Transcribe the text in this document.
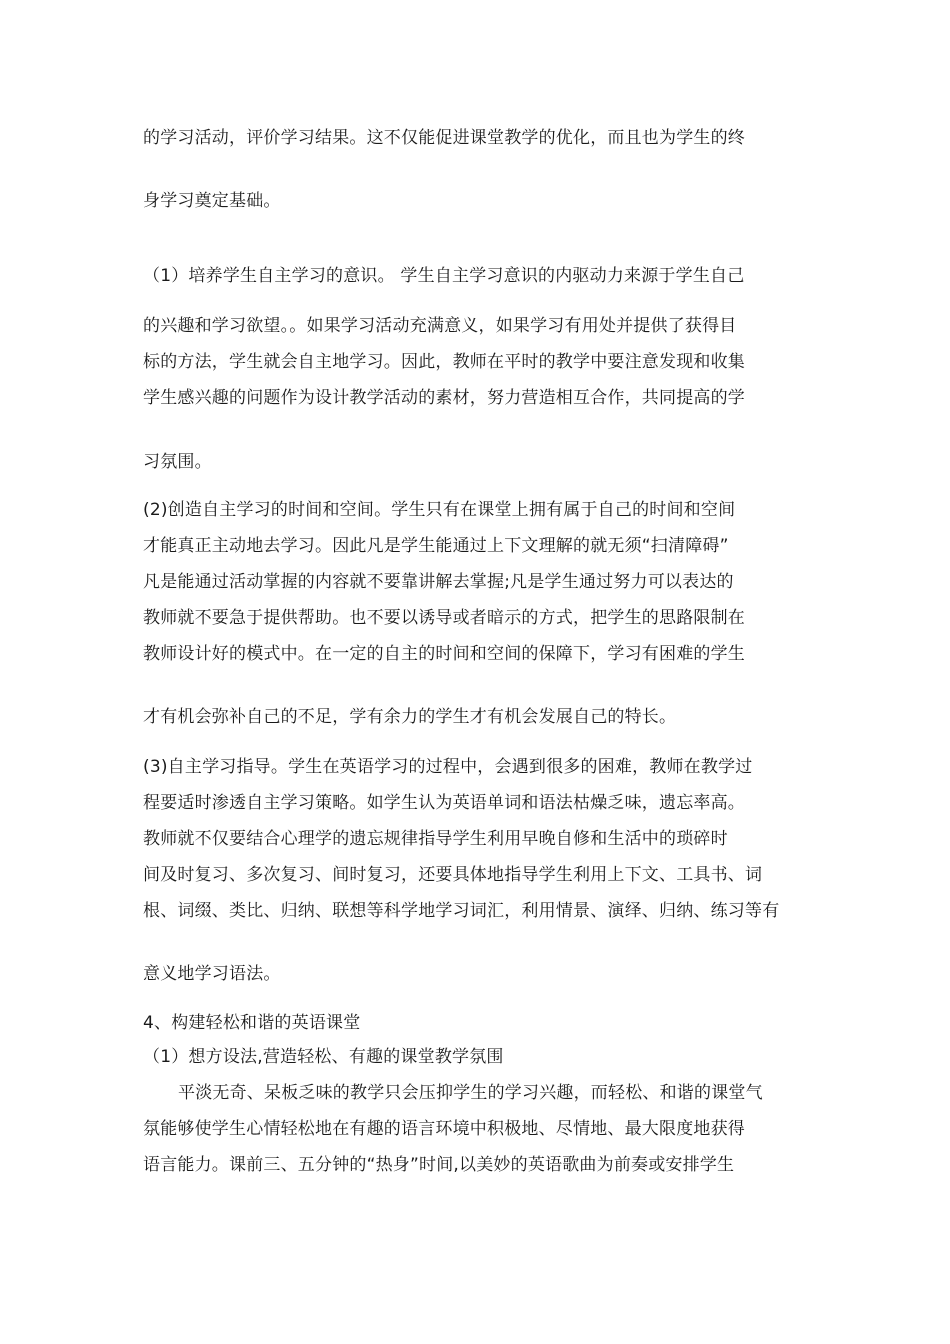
的学习活动，评价学习结果。这不仅能促进课堂教学的优化，而且也为学生的终
身学习奠定基础。
（1）培养学生自主学习的意识。 学生自主学习意识的内驱动力来源于学生自己
的兴趣和学习欲望。。如果学习活动充满意义，如果学习有用处并提供了获得目
标的方法，学生就会自主地学习。因此，教师在平时的教学中要注意发现和收集
学生感兴趣的问题作为设计教学活动的素材，努力营造相互合作，共同提高的学
习氛围。
(2)创造自主学习的时间和空间。学生只有在课堂上拥有属于自己的时间和空间
才能真正主动地去学习。因此凡是学生能通过上下文理解的就无须“扫清障碍”
凡是能通过活动掌握的内容就不要靠讲解去掌握;凡是学生通过努力可以表达的
教师就不要急于提供帮助。也不要以诱导或者暗示的方式，把学生的思路限制在
教师设计好的模式中。在一定的自主的时间和空间的保障下，学习有困难的学生
才有机会弥补自己的不足，学有余力的学生才有机会发展自己的特长。
(3)自主学习指导。学生在英语学习的过程中，会遇到很多的困难，教师在教学过
程要适时渗透自主学习策略。如学生认为英语单词和语法枯燥乏味，遗忘率高。
教师就不仅要结合心理学的遗忘规律指导学生利用早晚自修和生活中的琐碎时
间及时复习、多次复习、间时复习，还要具体地指导学生利用上下文、工具书、词
根、词缀、类比、归纳、联想等科学地学习词汇，利用情景、演绎、归纳、练习等有
意义地学习语法。
4、构建轻松和谐的英语课堂
（1）想方设法,营造轻松、有趣的课堂教学氛围
平淡无奇、呆板乏味的教学只会压抑学生的学习兴趣，而轻松、和谐的课堂气
氛能够使学生心情轻松地在有趣的语言环境中积极地、尽情地、最大限度地获得
语言能力。课前三、五分钟的“热身”时间,以美妙的英语歌曲为前奏或安排学生
